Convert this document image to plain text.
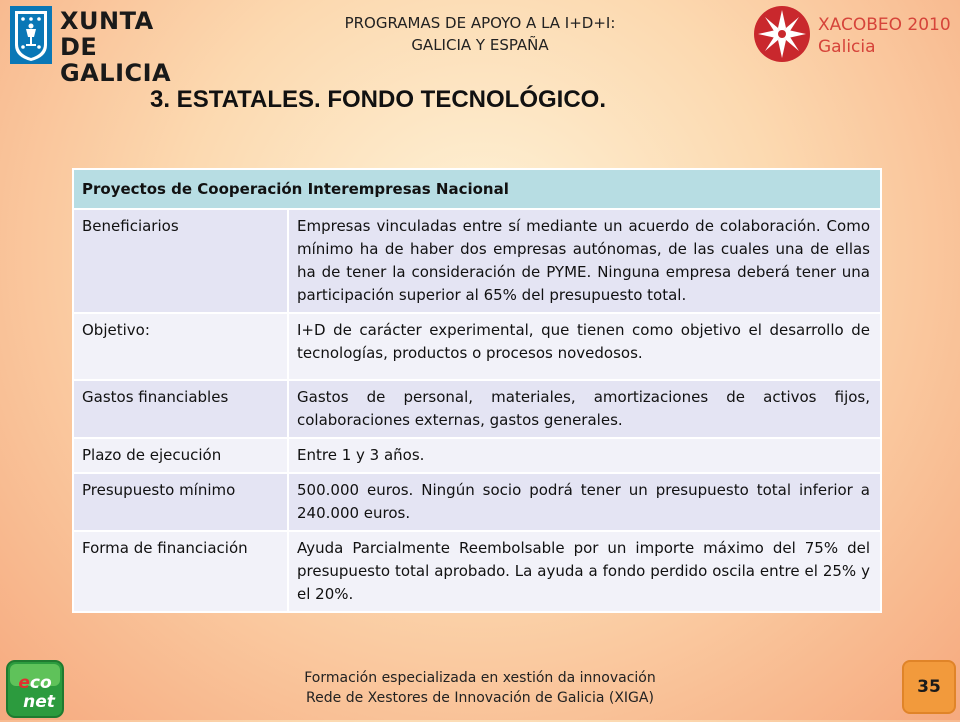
XUNTA
DE GALICIA
PROGRAMAS DE APOYO A LA I+D+I:
GALICIA Y ESPAÑA
XACOBEO 2010
Galicia
3. ESTATALES. FONDO TECNOLÓGICO.
Proyectos de Cooperación Interempresas Nacional	
Beneficiarios	Empresas vinculadas entre sí mediante un acuerdo de colaboración. Como mínimo ha de haber dos empresas autónomas, de las cuales una de ellas ha de tener la consideración de PYME. Ninguna empresa deberá tener una participación superior al 65% del presupuesto total.
Objetivo:	I+D de carácter experimental, que tienen como objetivo el desarrollo de tecnologías, productos o procesos novedosos.
Gastos financiables	Gastos de personal, materiales, amortizaciones de activos fijos, colaboraciones externas, gastos generales.
Plazo de ejecución	Entre 1 y 3 años.
Presupuesto mínimo	500.000 euros. Ningún socio podrá tener un presupuesto total inferior a 240.000 euros.
Forma de financiación	Ayuda Parcialmente Reembolsable por un importe máximo del 75% del presupuesto total aprobado. La ayuda a fondo perdido oscila entre el 25% y el 20%.
eco
net
Formación especializada en xestión da innovación
Rede de Xestores de Innovación de Galicia (XIGA)
35
